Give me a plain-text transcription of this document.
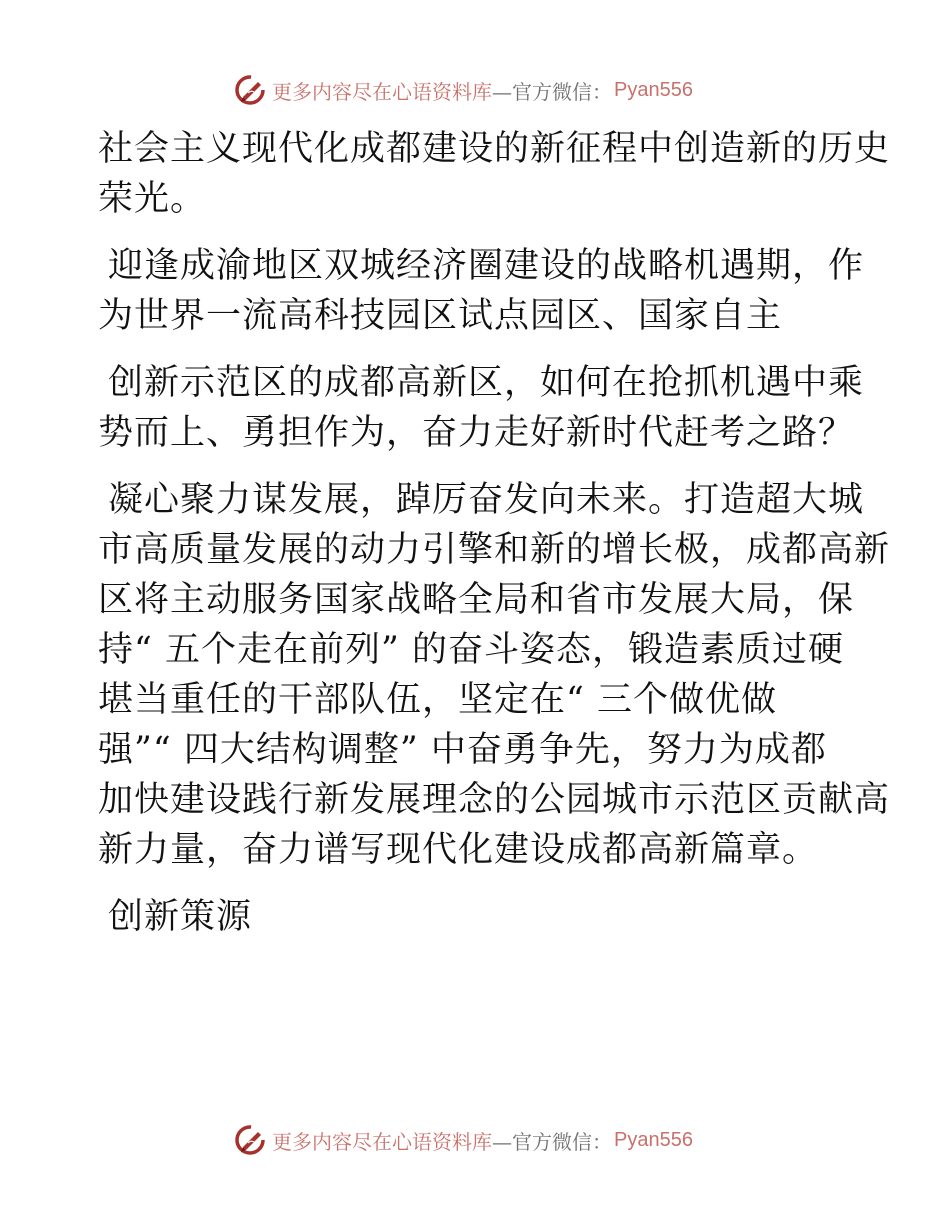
更多内容尽在心语资料库 —官方微信： Pyan556
社会主义现代化成都建设的新征程中创造新的历史
荣光。
迎逢成渝地区双城经济圈建设的战略机遇期，作
为世界一流高科技园区试点园区、国家自主
创新示范区的成都高新区，如何在抢抓机遇中乘
势而上、勇担作为，奋力走好新时代赶考之路？
凝心聚力谋发展，踔厉奋发向未来。打造超大城
市高质量发展的动力引擎和新的增长极，成都高新
区将主动服务国家战略全局和省市发展大局，保
持“ 五个走在前列” 的奋斗姿态，锻造素质过硬
堪当重任的干部队伍，坚定在“ 三个做优做
强”“ 四大结构调整” 中奋勇争先，努力为成都
加快建设践行新发展理念的公园城市示范区贡献高
新力量，奋力谱写现代化建设成都高新篇章。
创新策源
更多内容尽在心语资料库 —官方微信： Pyan556
